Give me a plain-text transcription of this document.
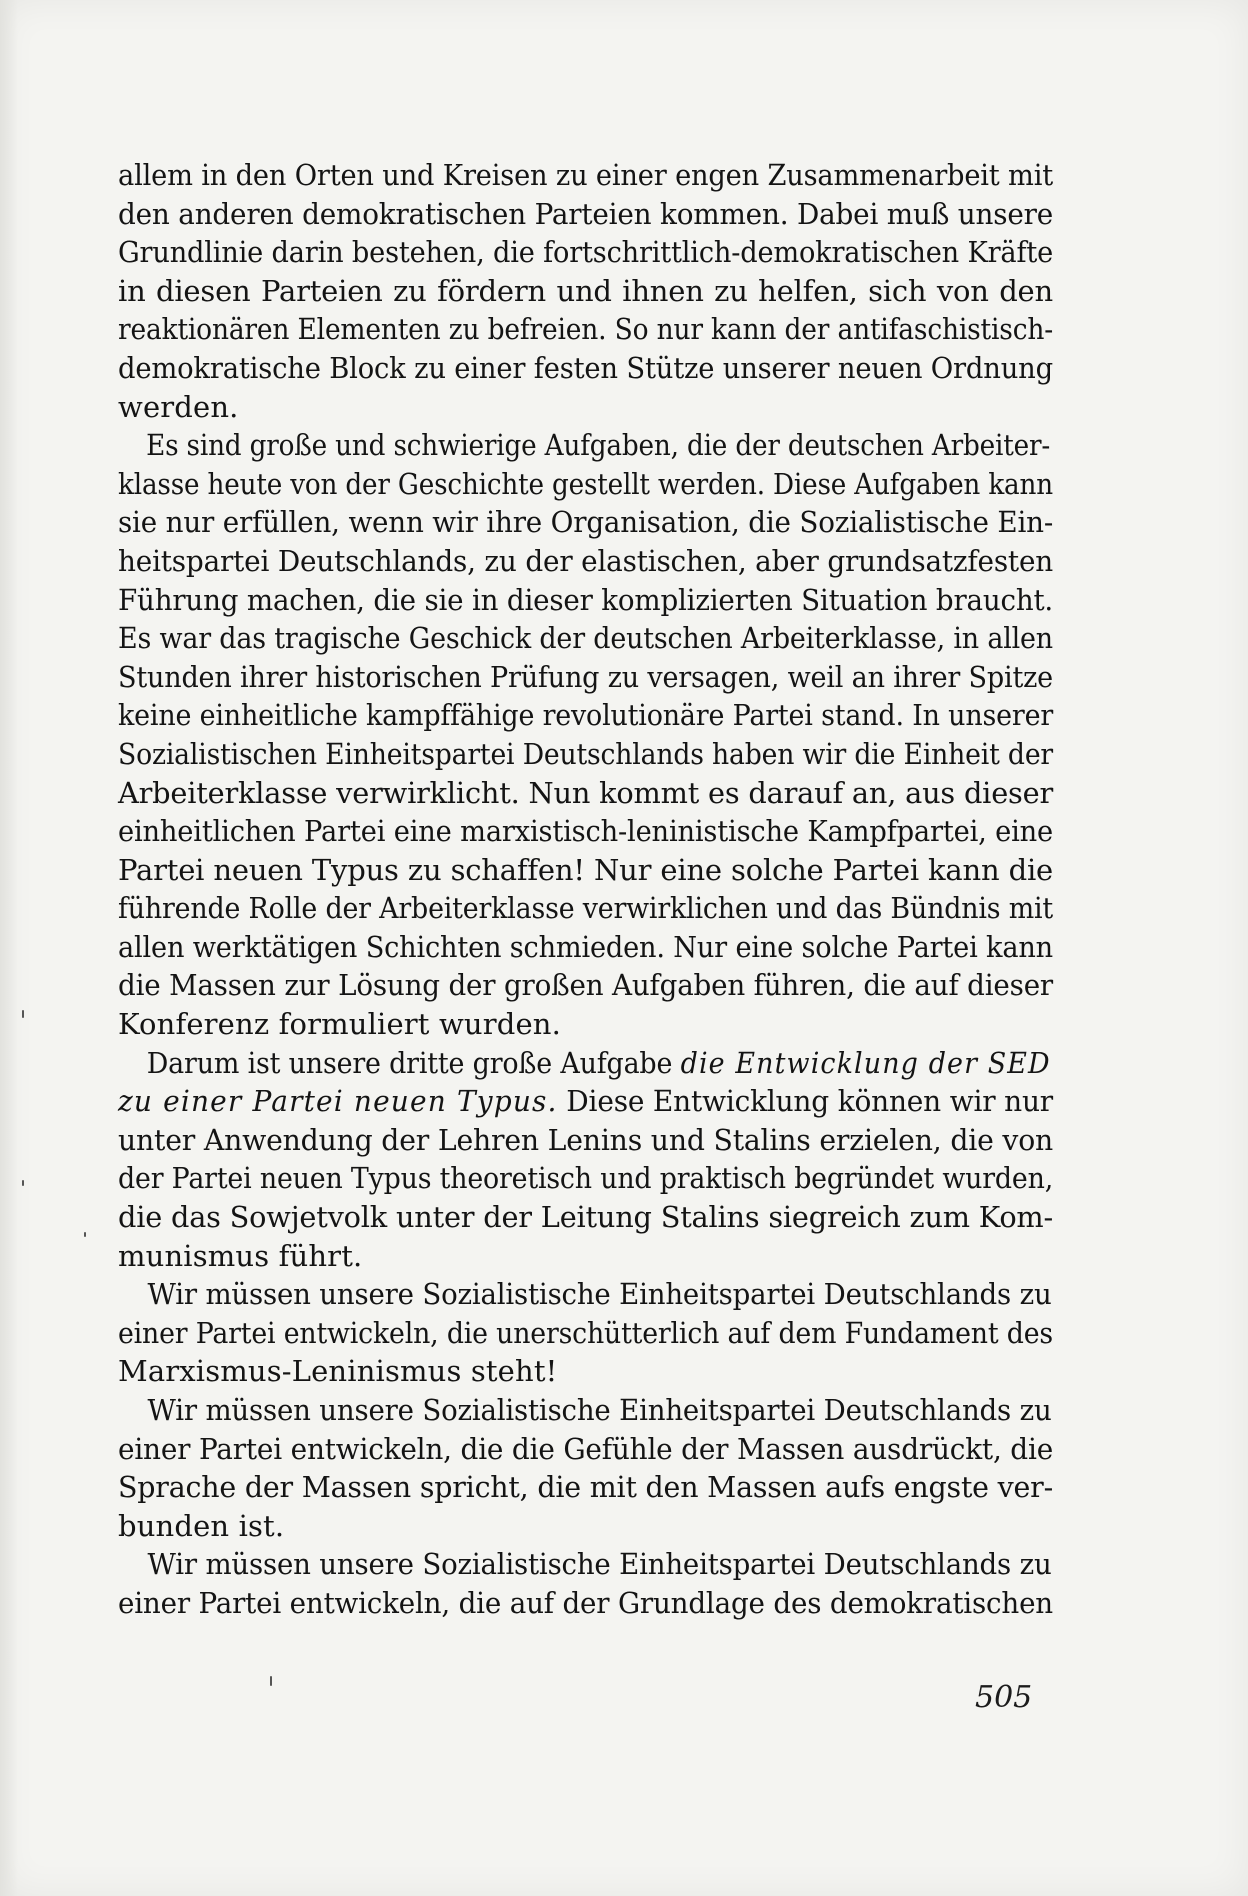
allem in den Orten und Kreisen zu einer engen Zusammenarbeit mit
den anderen demokratischen Parteien kommen. Dabei muß unsere
Grundlinie darin bestehen, die fortschrittlich-demokratischen Kräfte
in diesen Parteien zu fördern und ihnen zu helfen, sich von den
reaktionären Elementen zu befreien. So nur kann der antifaschistisch-
demokratische Block zu einer festen Stütze unserer neuen Ordnung
werden.
Es sind große und schwierige Aufgaben, die der deutschen Arbeiter-
klasse heute von der Geschichte gestellt werden. Diese Aufgaben kann
sie nur erfüllen, wenn wir ihre Organisation, die Sozialistische Ein-
heitspartei Deutschlands, zu der elastischen, aber grundsatzfesten
Führung machen, die sie in dieser komplizierten Situation braucht.
Es war das tragische Geschick der deutschen Arbeiterklasse, in allen
Stunden ihrer historischen Prüfung zu versagen, weil an ihrer Spitze
keine einheitliche kampffähige revolutionäre Partei stand. In unserer
Sozialistischen Einheitspartei Deutschlands haben wir die Einheit der
Arbeiterklasse verwirklicht. Nun kommt es darauf an, aus dieser
einheitlichen Partei eine marxistisch-leninistische Kampfpartei, eine
Partei neuen Typus zu schaffen! Nur eine solche Partei kann die
führende Rolle der Arbeiterklasse verwirklichen und das Bündnis mit
allen werktätigen Schichten schmieden. Nur eine solche Partei kann
die Massen zur Lösung der großen Aufgaben führen, die auf dieser
Konferenz formuliert wurden.
Darum ist unsere dritte große Aufgabe die Entwicklung der SED
zu einer Partei neuen Typus. Diese Entwicklung können wir nur
unter Anwendung der Lehren Lenins und Stalins erzielen, die von
der Partei neuen Typus theoretisch und praktisch begründet wurden,
die das Sowjetvolk unter der Leitung Stalins siegreich zum Kom-
munismus führt.
Wir müssen unsere Sozialistische Einheitspartei Deutschlands zu
einer Partei entwickeln, die unerschütterlich auf dem Fundament des
Marxismus-Leninismus steht!
Wir müssen unsere Sozialistische Einheitspartei Deutschlands zu
einer Partei entwickeln, die die Gefühle der Massen ausdrückt, die
Sprache der Massen spricht, die mit den Massen aufs engste ver-
bunden ist.
Wir müssen unsere Sozialistische Einheitspartei Deutschlands zu
einer Partei entwickeln, die auf der Grundlage des demokratischen
505
